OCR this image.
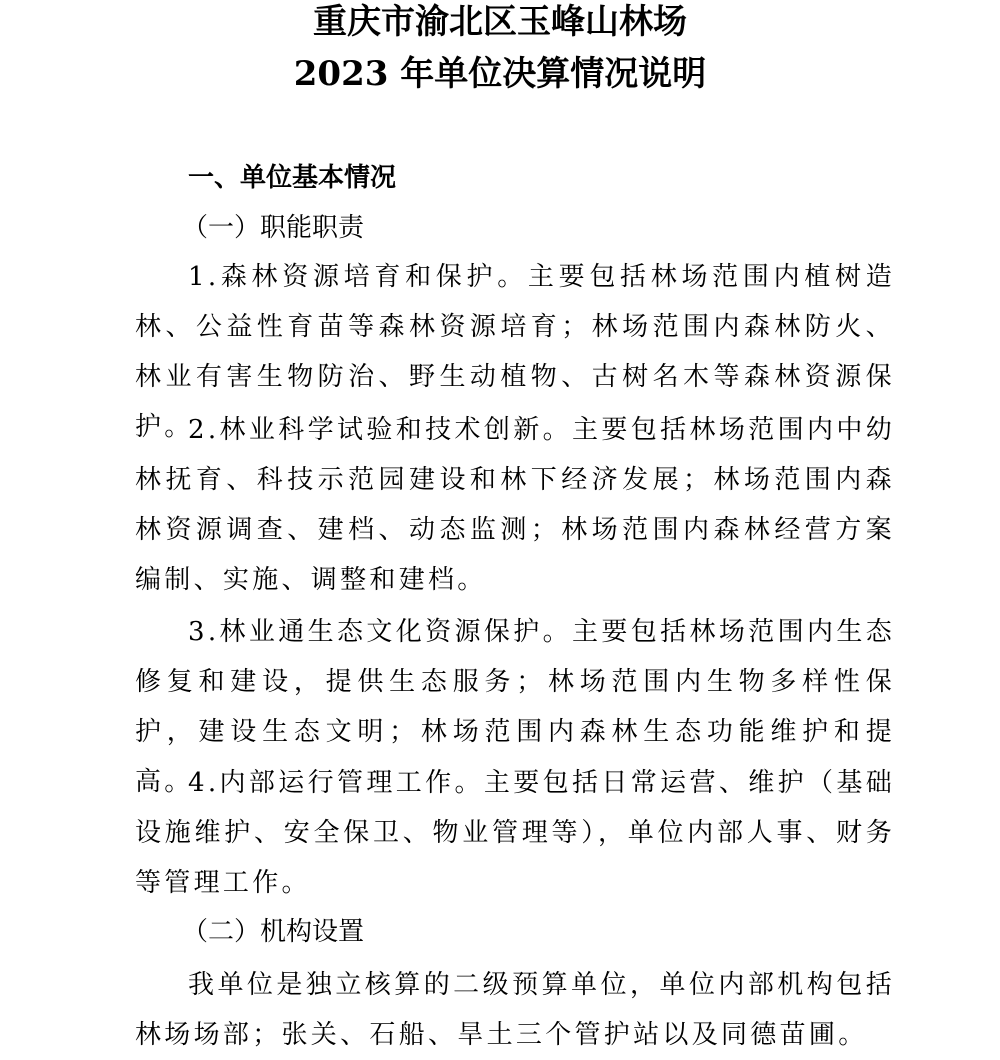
重庆市渝北区玉峰山林场
2023 年单位决算情况说明
一、单位基本情况
（一）职能职责

1.森林资源培育和保护。主要包括林场范围内植树造林、公益性育苗等森林资源培育；林场范围内森林防火、林业有害生物防治、野生动植物、古树名木等森林资源保护。

2.林业科学试验和技术创新。主要包括林场范围内中幼林抚育、科技示范园建设和林下经济发展；林场范围内森林资源调查、建档、动态监测；林场范围内森林经营方案编制、实施、调整和建档。

3.林业通生态文化资源保护。主要包括林场范围内生态修复和建设，提供生态服务；林场范围内生物多样性保护，建设生态文明；林场范围内森林生态功能维护和提高。

4.内部运行管理工作。主要包括日常运营、维护（基础设施维护、安全保卫、物业管理等），单位内部人事、财务等管理工作。

（二）机构设置

我单位是独立核算的二级预算单位，单位内部机构包括林场场部；张关、石船、旱土三个管护站以及同德苗圃。
